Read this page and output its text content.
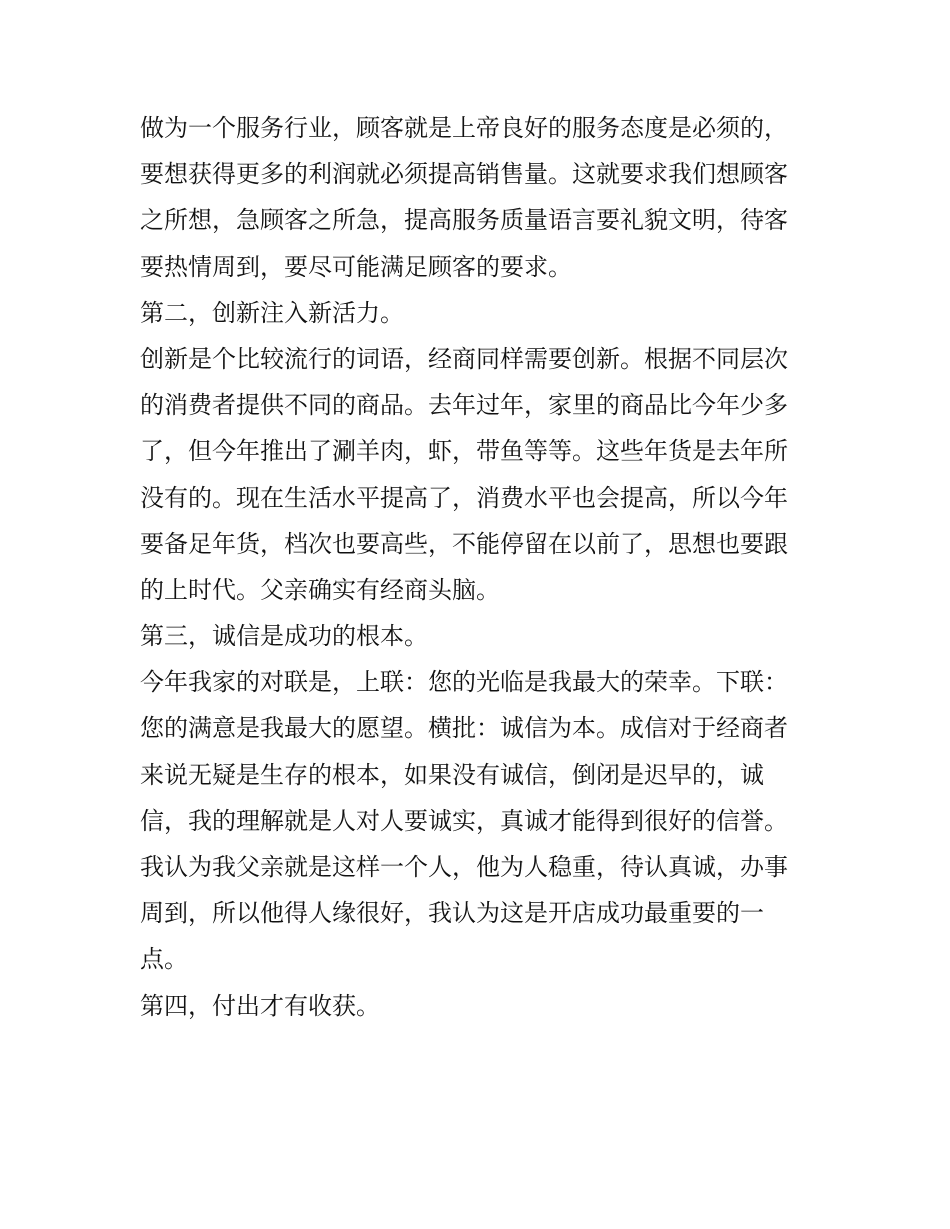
做为一个服务行业，顾客就是上帝良好的服务态度是必须的，
要想获得更多的利润就必须提高销售量。这就要求我们想顾客
之所想，急顾客之所急，提高服务质量语言要礼貌文明，待客
要热情周到，要尽可能满足顾客的要求。

第二，创新注入新活力。

创新是个比较流行的词语，经商同样需要创新。根据不同层次
的消费者提供不同的商品。去年过年，家里的商品比今年少多
了，但今年推出了涮羊肉，虾，带鱼等等。这些年货是去年所
没有的。现在生活水平提高了，消费水平也会提高，所以今年
要备足年货，档次也要高些，不能停留在以前了，思想也要跟
的上时代。父亲确实有经商头脑。

第三，诚信是成功的根本。

今年我家的对联是，上联：您的光临是我最大的荣幸。下联：
您的满意是我最大的愿望。横批：诚信为本。成信对于经商者
来说无疑是生存的根本，如果没有诚信，倒闭是迟早的，诚
信，我的理解就是人对人要诚实，真诚才能得到很好的信誉。
我认为我父亲就是这样一个人，他为人稳重，待认真诚，办事
周到，所以他得人缘很好，我认为这是开店成功最重要的一
点。

第四，付出才有收获。
